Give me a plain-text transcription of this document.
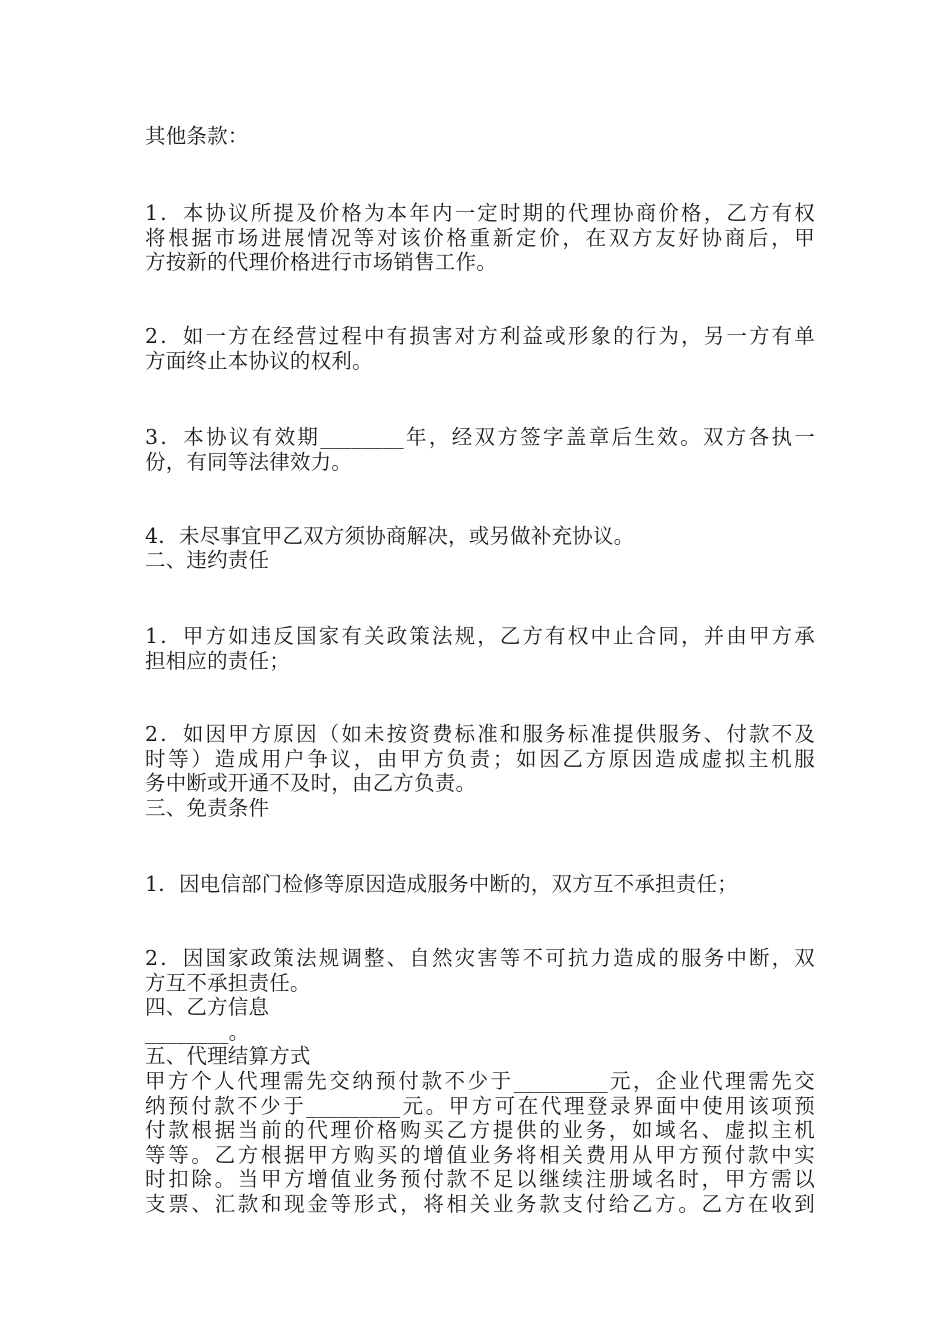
其他条款：
1．本协议所提及价格为本年内一定时期的代理协商价格，乙方有权
将根据市场进展情况等对该价格重新定价，在双方友好协商后，甲
方按新的代理价格进行市场销售工作。
2．如一方在经营过程中有损害对方利益或形象的行为，另一方有单
方面终止本协议的权利。
3．本协议有效期________年，经双方签字盖章后生效。双方各执一
份，有同等法律效力。
4．未尽事宜甲乙双方须协商解决，或另做补充协议。
二、违约责任
1．甲方如违反国家有关政策法规，乙方有权中止合同，并由甲方承
担相应的责任；
2．如因甲方原因（如未按资费标准和服务标准提供服务、付款不及
时等）造成用户争议，由甲方负责；如因乙方原因造成虚拟主机服
务中断或开通不及时，由乙方负责。
三、免责条件
1．因电信部门检修等原因造成服务中断的，双方互不承担责任；
2．因国家政策法规调整、自然灾害等不可抗力造成的服务中断，双
方互不承担责任。
四、乙方信息
________。
五、代理结算方式
甲方个人代理需先交纳预付款不少于_________元，企业代理需先交
纳预付款不少于_________元。甲方可在代理登录界面中使用该项预
付款根据当前的代理价格购买乙方提供的业务，如域名、虚拟主机
等等。乙方根据甲方购买的增值业务将相关费用从甲方预付款中实
时扣除。当甲方增值业务预付款不足以继续注册域名时，甲方需以
支票、汇款和现金等形式，将相关业务款支付给乙方。乙方在收到
